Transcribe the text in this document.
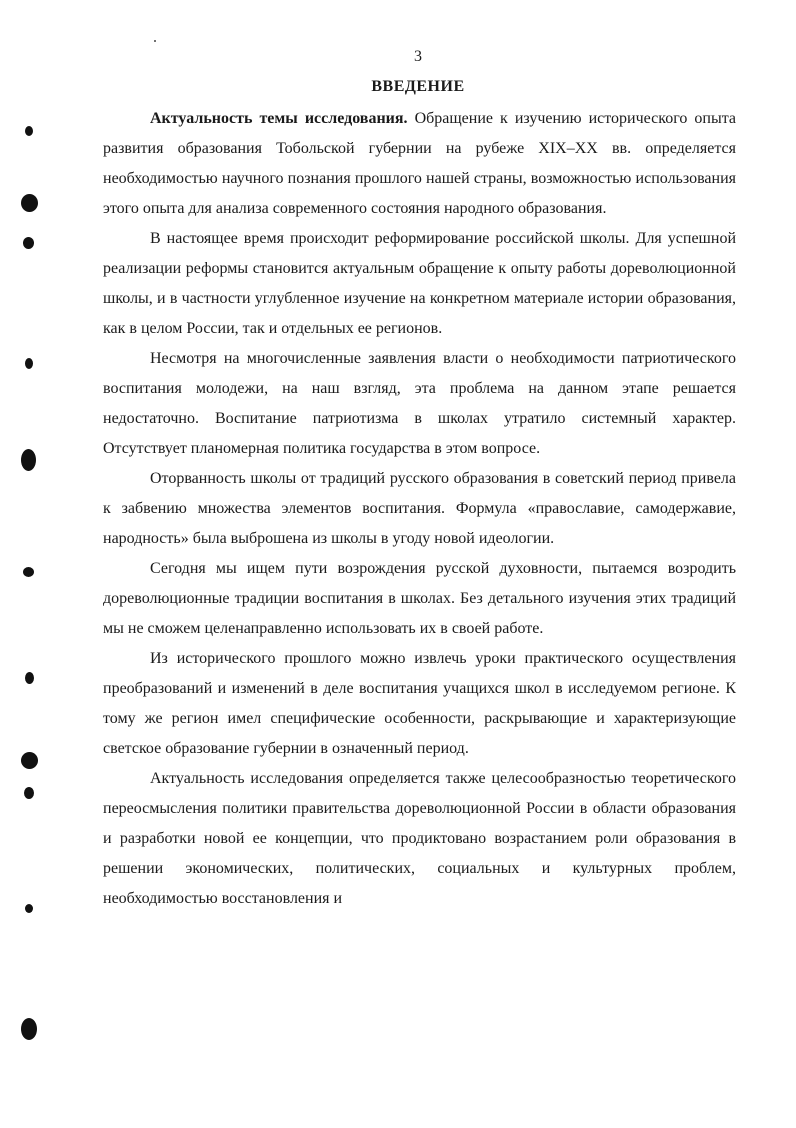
3
ВВЕДЕНИЕ

Актуальность темы исследования. Обращение к изучению исторического опыта развития образования Тобольской губернии на рубеже XIX–XX вв. определяется необходимостью научного познания прошлого нашей страны, возможностью использования этого опыта для анализа современного состояния народного образования.

В настоящее время происходит реформирование российской школы. Для успешной реализации реформы становится актуальным обращение к опыту работы дореволюционной школы, и в частности углубленное изучение на конкретном материале истории образования, как в целом России, так и отдельных ее регионов.

Несмотря на многочисленные заявления власти о необходимости патриотического воспитания молодежи, на наш взгляд, эта проблема на данном этапе решается недостаточно. Воспитание патриотизма в школах утратило системный характер. Отсутствует планомерная политика государства в этом вопросе.

Оторванность школы от традиций русского образования в советский период привела к забвению множества элементов воспитания. Формула «православие, самодержавие, народность» была выброшена из школы в угоду новой идеологии.

Сегодня мы ищем пути возрождения русской духовности, пытаемся возродить дореволюционные традиции воспитания в школах. Без детального изучения этих традиций мы не сможем целенаправленно использовать их в своей работе.

Из исторического прошлого можно извлечь уроки практического осуществления преобразований и изменений в деле воспитания учащихся школ в исследуемом регионе. К тому же регион имел специфические особенности, раскрывающие и характеризующие светское образование губернии в означенный период.

Актуальность исследования определяется также целесообразностью теоретического переосмысления политики правительства дореволюционной России в области образования и разработки новой ее концепции, что продиктовано возрастанием роли образования в решении экономических, политических, социальных и культурных проблем, необходимостью восстановления и
